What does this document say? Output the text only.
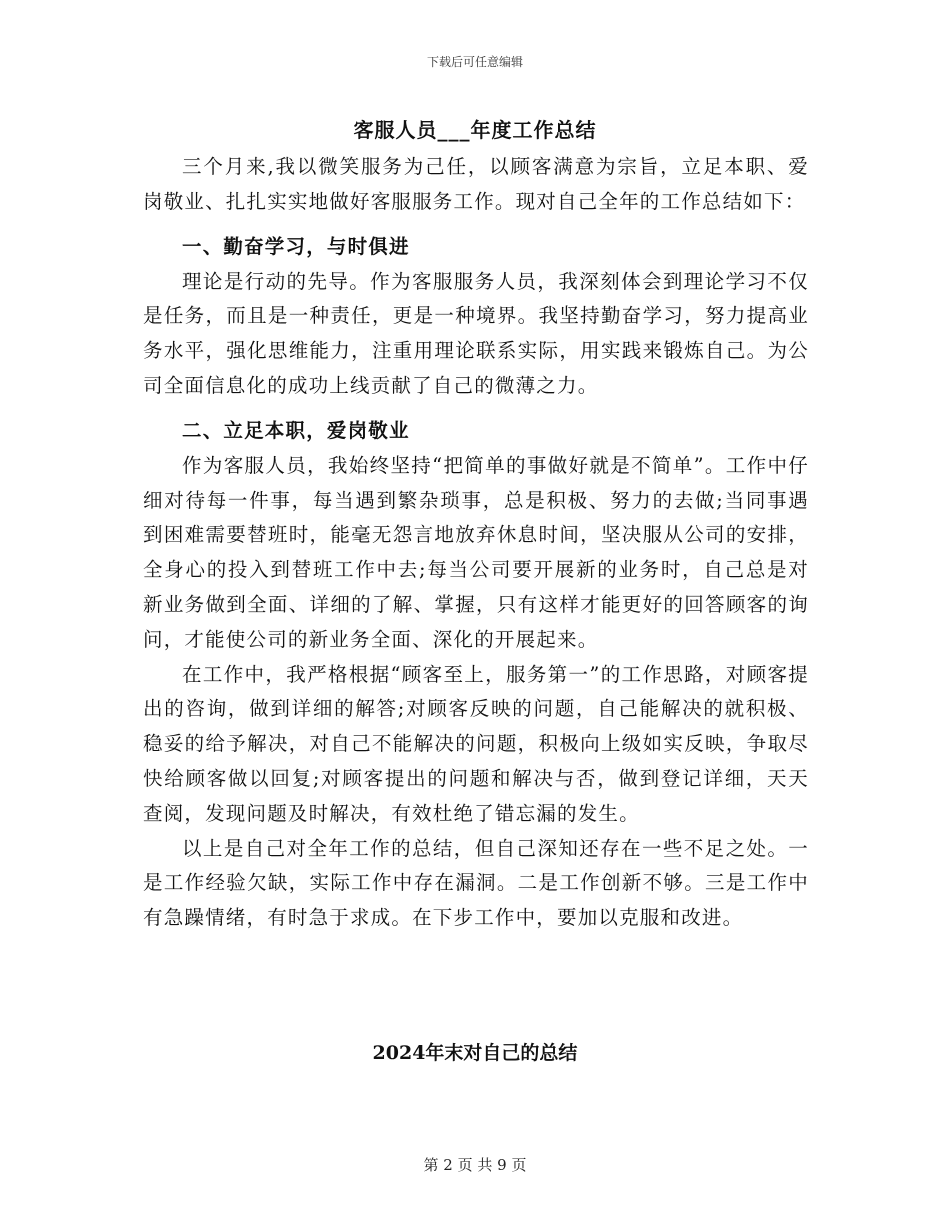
下载后可任意编辑
客服人员___年度工作总结

三个月来,我以微笑服务为己任，以顾客满意为宗旨，立足本职、爱岗敬业、扎扎实实地做好客服服务工作。现对自己全年的工作总结如下：

一、勤奋学习，与时俱进

理论是行动的先导。作为客服服务人员，我深刻体会到理论学习不仅是任务，而且是一种责任，更是一种境界。我坚持勤奋学习，努力提高业务水平，强化思维能力，注重用理论联系实际，用实践来锻炼自己。为公司全面信息化的成功上线贡献了自己的微薄之力。

二、立足本职，爱岗敬业

作为客服人员，我始终坚持“把简单的事做好就是不简单”。工作中仔细对待每一件事，每当遇到繁杂琐事，总是积极、努力的去做;当同事遇到困难需要替班时，能毫无怨言地放弃休息时间，坚决服从公司的安排，全身心的投入到替班工作中去;每当公司要开展新的业务时，自己总是对新业务做到全面、详细的了解、掌握，只有这样才能更好的回答顾客的询问，才能使公司的新业务全面、深化的开展起来。

在工作中，我严格根据“顾客至上，服务第一”的工作思路，对顾客提出的咨询，做到详细的解答;对顾客反映的问题，自己能解决的就积极、稳妥的给予解决，对自己不能解决的问题，积极向上级如实反映，争取尽快给顾客做以回复;对顾客提出的问题和解决与否，做到登记详细，天天查阅，发现问题及时解决，有效杜绝了错忘漏的发生。

以上是自己对全年工作的总结，但自己深知还存在一些不足之处。一是工作经验欠缺，实际工作中存在漏洞。二是工作创新不够。三是工作中有急躁情绪，有时急于求成。在下步工作中，要加以克服和改进。

2024年末对自己的总结
第 2 页 共 9 页
